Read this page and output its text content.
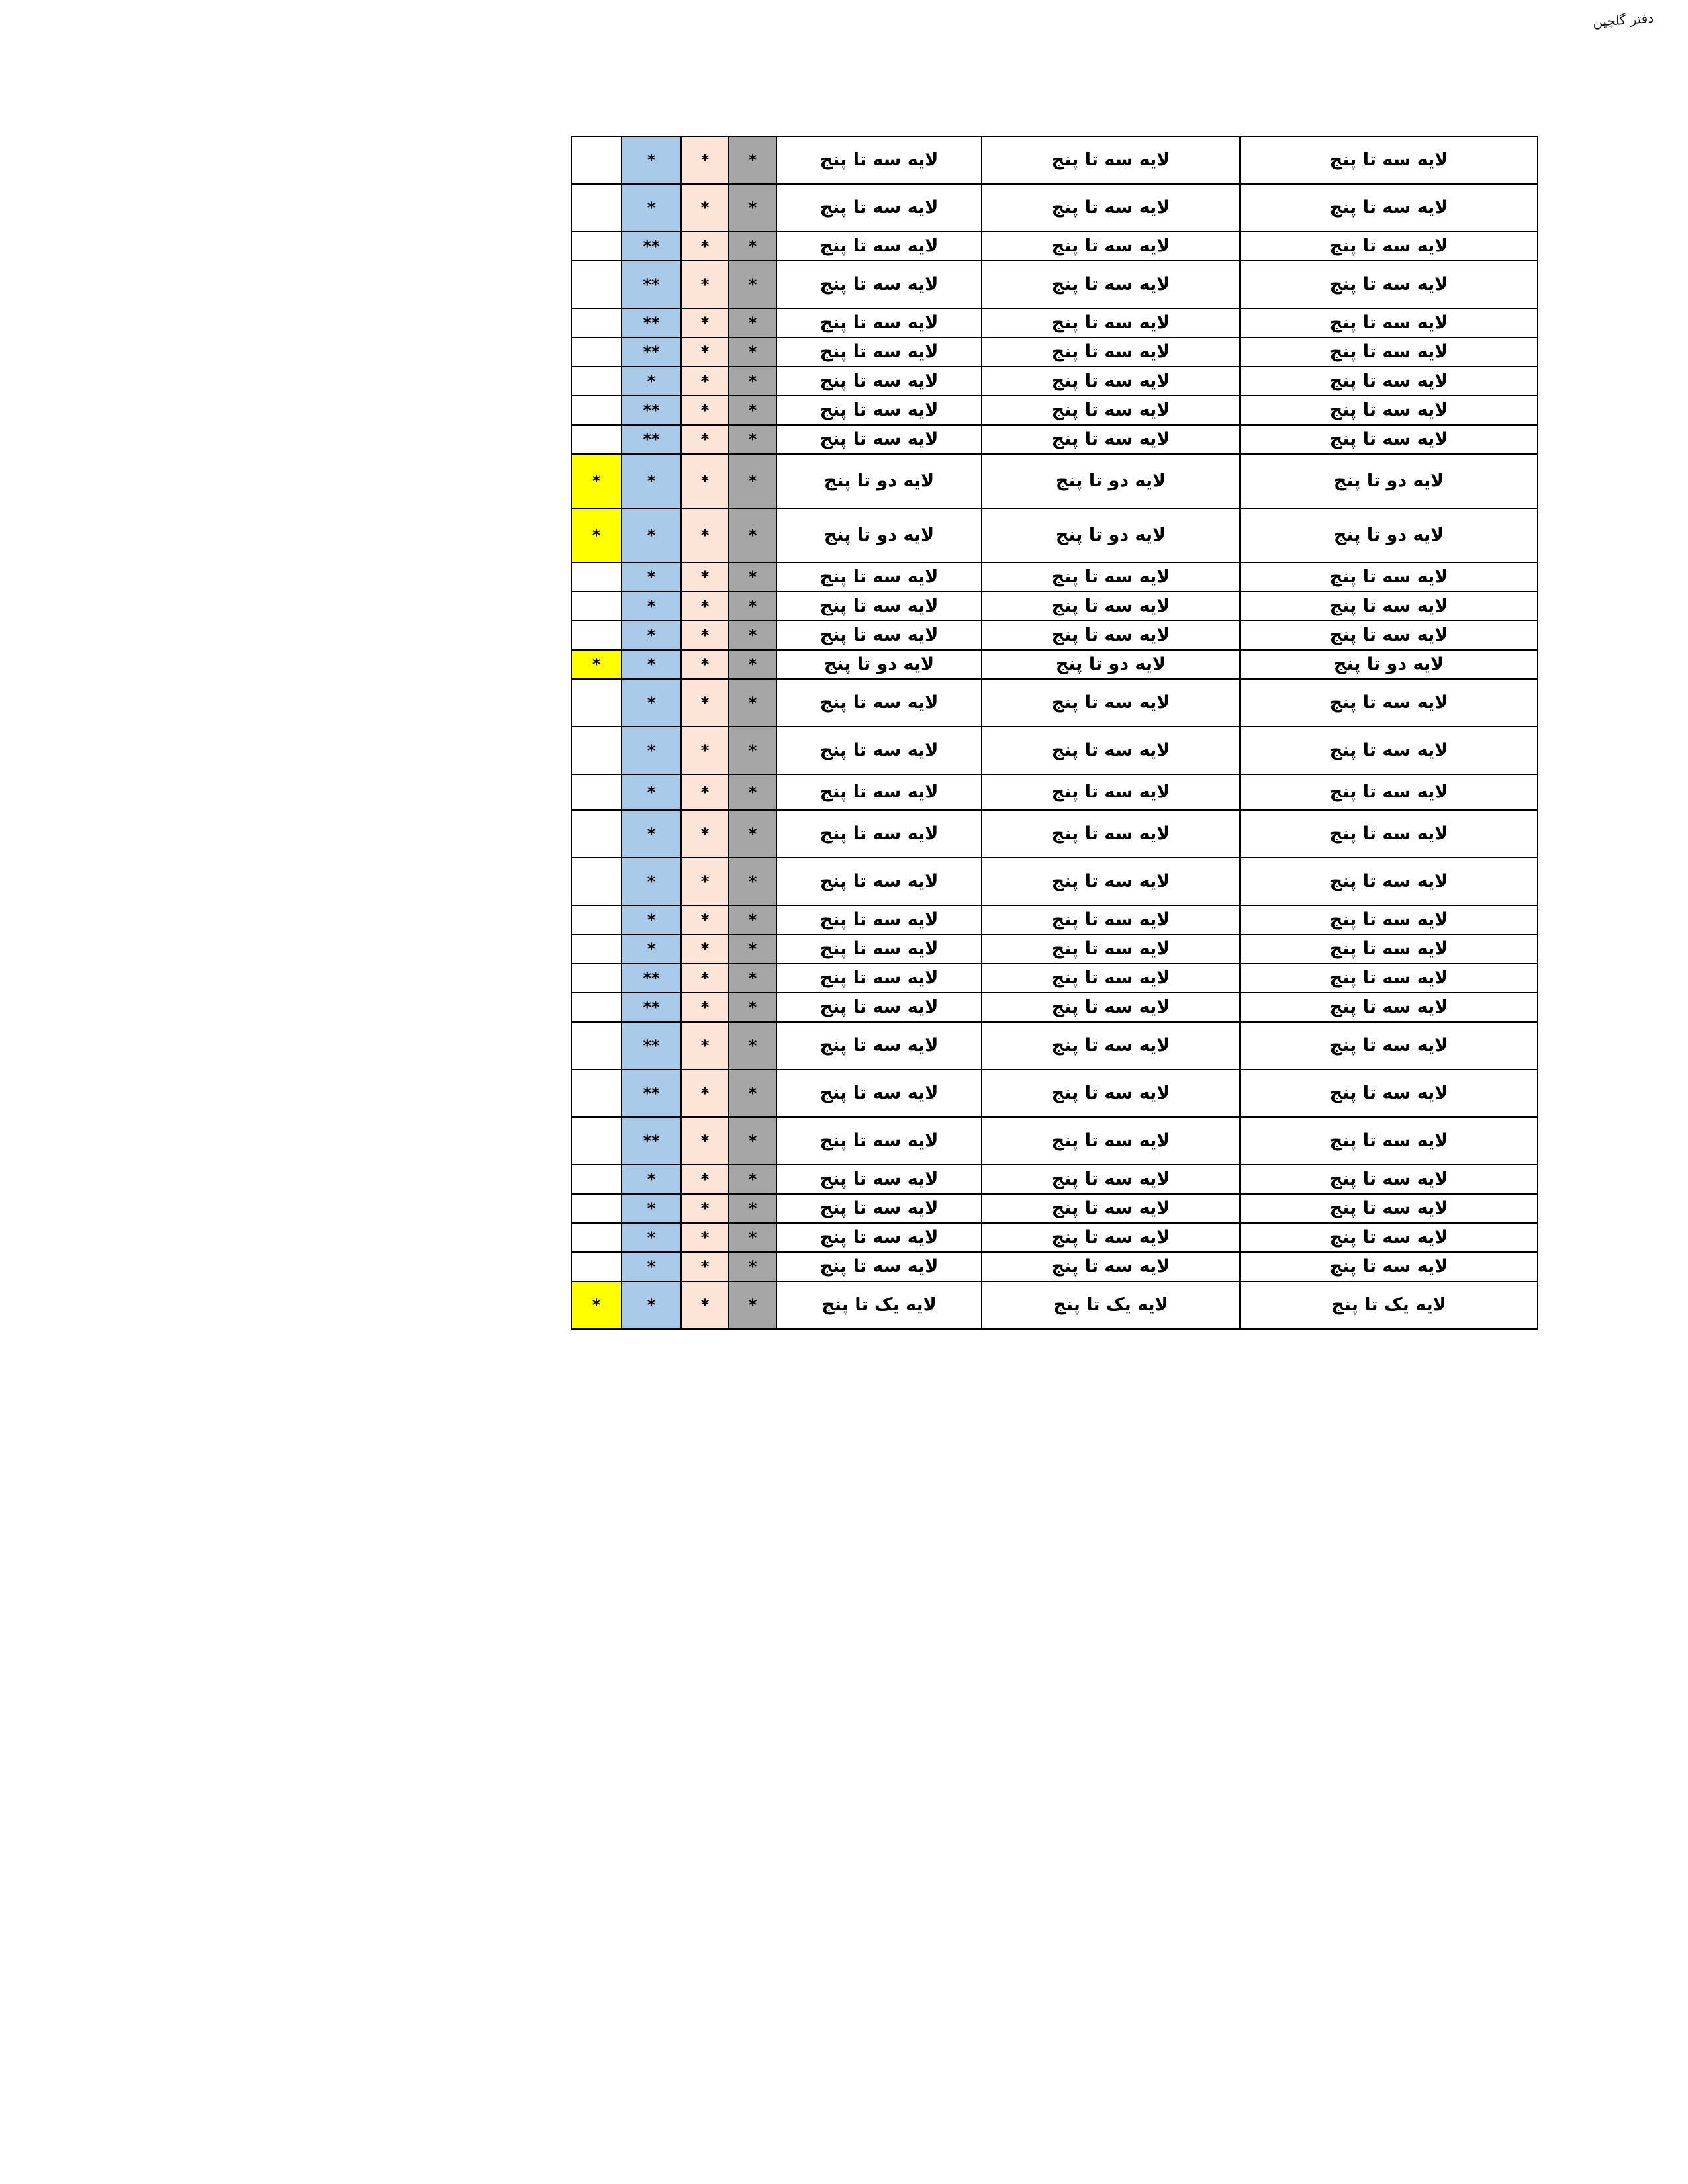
دفتر گلچین
لایه سه تا پنج	لایه سه تا پنج	لایه سه تا پنج	*	*	*	
لایه سه تا پنج	لایه سه تا پنج	لایه سه تا پنج	*	*	*	
لایه سه تا پنج	لایه سه تا پنج	لایه سه تا پنج	*	*	**	
لایه سه تا پنج	لایه سه تا پنج	لایه سه تا پنج	*	*	**	
لایه سه تا پنج	لایه سه تا پنج	لایه سه تا پنج	*	*	**	
لایه سه تا پنج	لایه سه تا پنج	لایه سه تا پنج	*	*	**	
لایه سه تا پنج	لایه سه تا پنج	لایه سه تا پنج	*	*	*	
لایه سه تا پنج	لایه سه تا پنج	لایه سه تا پنج	*	*	**	
لایه سه تا پنج	لایه سه تا پنج	لایه سه تا پنج	*	*	**	
لایه دو تا پنج	لایه دو تا پنج	لایه دو تا پنج	*	*	*	*
لایه دو تا پنج	لایه دو تا پنج	لایه دو تا پنج	*	*	*	*
لایه سه تا پنج	لایه سه تا پنج	لایه سه تا پنج	*	*	*	
لایه سه تا پنج	لایه سه تا پنج	لایه سه تا پنج	*	*	*	
لایه سه تا پنج	لایه سه تا پنج	لایه سه تا پنج	*	*	*	
لایه دو تا پنج	لایه دو تا پنج	لایه دو تا پنج	*	*	*	*
لایه سه تا پنج	لایه سه تا پنج	لایه سه تا پنج	*	*	*	
لایه سه تا پنج	لایه سه تا پنج	لایه سه تا پنج	*	*	*	
لایه سه تا پنج	لایه سه تا پنج	لایه سه تا پنج	*	*	*	
لایه سه تا پنج	لایه سه تا پنج	لایه سه تا پنج	*	*	*	
لایه سه تا پنج	لایه سه تا پنج	لایه سه تا پنج	*	*	*	
لایه سه تا پنج	لایه سه تا پنج	لایه سه تا پنج	*	*	*	
لایه سه تا پنج	لایه سه تا پنج	لایه سه تا پنج	*	*	*	
لایه سه تا پنج	لایه سه تا پنج	لایه سه تا پنج	*	*	**	
لایه سه تا پنج	لایه سه تا پنج	لایه سه تا پنج	*	*	**	
لایه سه تا پنج	لایه سه تا پنج	لایه سه تا پنج	*	*	**	
لایه سه تا پنج	لایه سه تا پنج	لایه سه تا پنج	*	*	**	
لایه سه تا پنج	لایه سه تا پنج	لایه سه تا پنج	*	*	**	
لایه سه تا پنج	لایه سه تا پنج	لایه سه تا پنج	*	*	*	
لایه سه تا پنج	لایه سه تا پنج	لایه سه تا پنج	*	*	*	
لایه سه تا پنج	لایه سه تا پنج	لایه سه تا پنج	*	*	*	
لایه سه تا پنج	لایه سه تا پنج	لایه سه تا پنج	*	*	*	
لایه یک تا پنج	لایه یک تا پنج	لایه یک تا پنج	*	*	*	*
